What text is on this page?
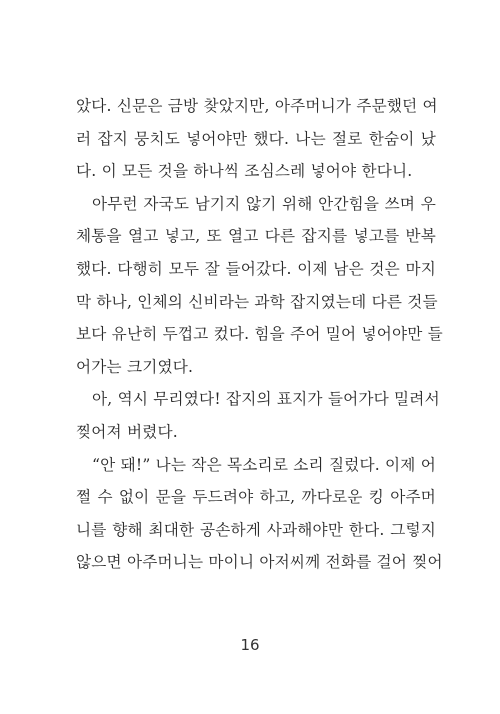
았다. 신문은 금방 찾았지만, 아주머니가 주문했던 여
러 잡지 뭉치도 넣어야만 했다. 나는 절로 한숨이 났
다. 이 모든 것을 하나씩 조심스레 넣어야 한다니.
아무런 자국도 남기지 않기 위해 안간힘을 쓰며 우
체통을 열고 넣고, 또 열고 다른 잡지를 넣고를 반복
했다. 다행히 모두 잘 들어갔다. 이제 남은 것은 마지
막 하나, 인체의 신비라는 과학 잡지였는데 다른 것들
보다 유난히 두껍고 컸다. 힘을 주어 밀어 넣어야만 들
어가는 크기였다.
아, 역시 무리였다! 잡지의 표지가 들어가다 밀려서
찢어져 버렸다.
“안 돼!” 나는 작은 목소리로 소리 질렀다. 이제 어
쩔 수 없이 문을 두드려야 하고, 까다로운 킹 아주머
니를 향해 최대한 공손하게 사과해야만 한다. 그렇지
않으면 아주머니는 마이니 아저씨께 전화를 걸어 찢어
16
